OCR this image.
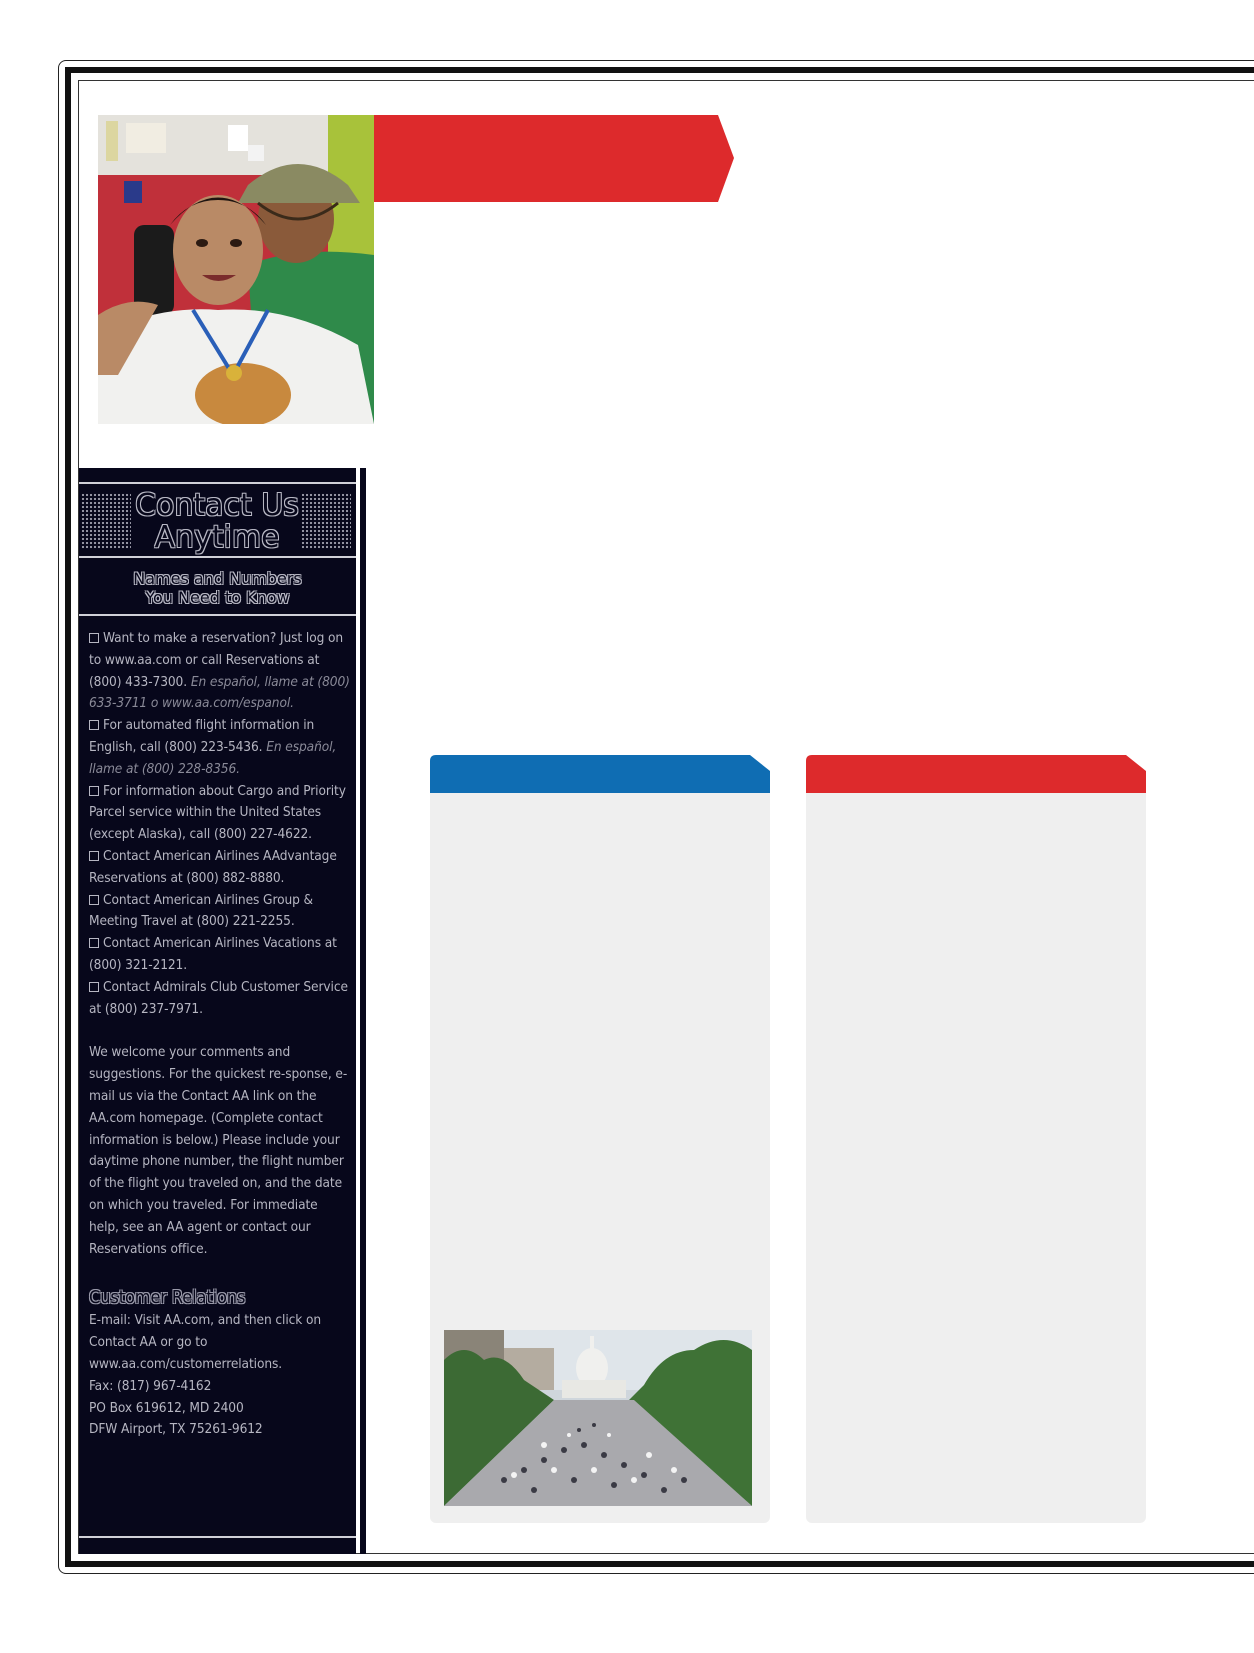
Contact Us
Anytime
Names and Numbers
You Need to Know

Want to make a reservation? Just log on to www.aa.com or call Reservations at (800) 433-7300. En español, llame at (800) 633-3711 o www.aa.com/espanol.

For automated flight information in English, call (800) 223-5436. En español, llame at (800) 228-8356.

For information about Cargo and Priority Parcel service within the United States (except Alaska), call (800) 227-4622.

Contact American Airlines AAdvantage Reservations at (800) 882-8880.

Contact American Airlines Group & Meeting Travel at (800) 221-2255.

Contact American Airlines Vacations at (800) 321-2121.

Contact Admirals Club Customer Service at (800) 237-7971.

We welcome your comments and suggestions. For the quickest re-sponse, e-mail us via the Contact AA link on the AA.com homepage. (Complete contact information is below.) Please include your daytime phone number, the flight number of the flight you traveled on, and the date on which you traveled. For immediate help, see an AA agent or contact our Reservations office.

Customer Relations

E-mail: Visit AA.com, and then click on Contact AA or go to www.aa.com/customerrelations.

Fax: (817) 967-4162

PO Box 619612, MD 2400

DFW Airport, TX 75261-9612
